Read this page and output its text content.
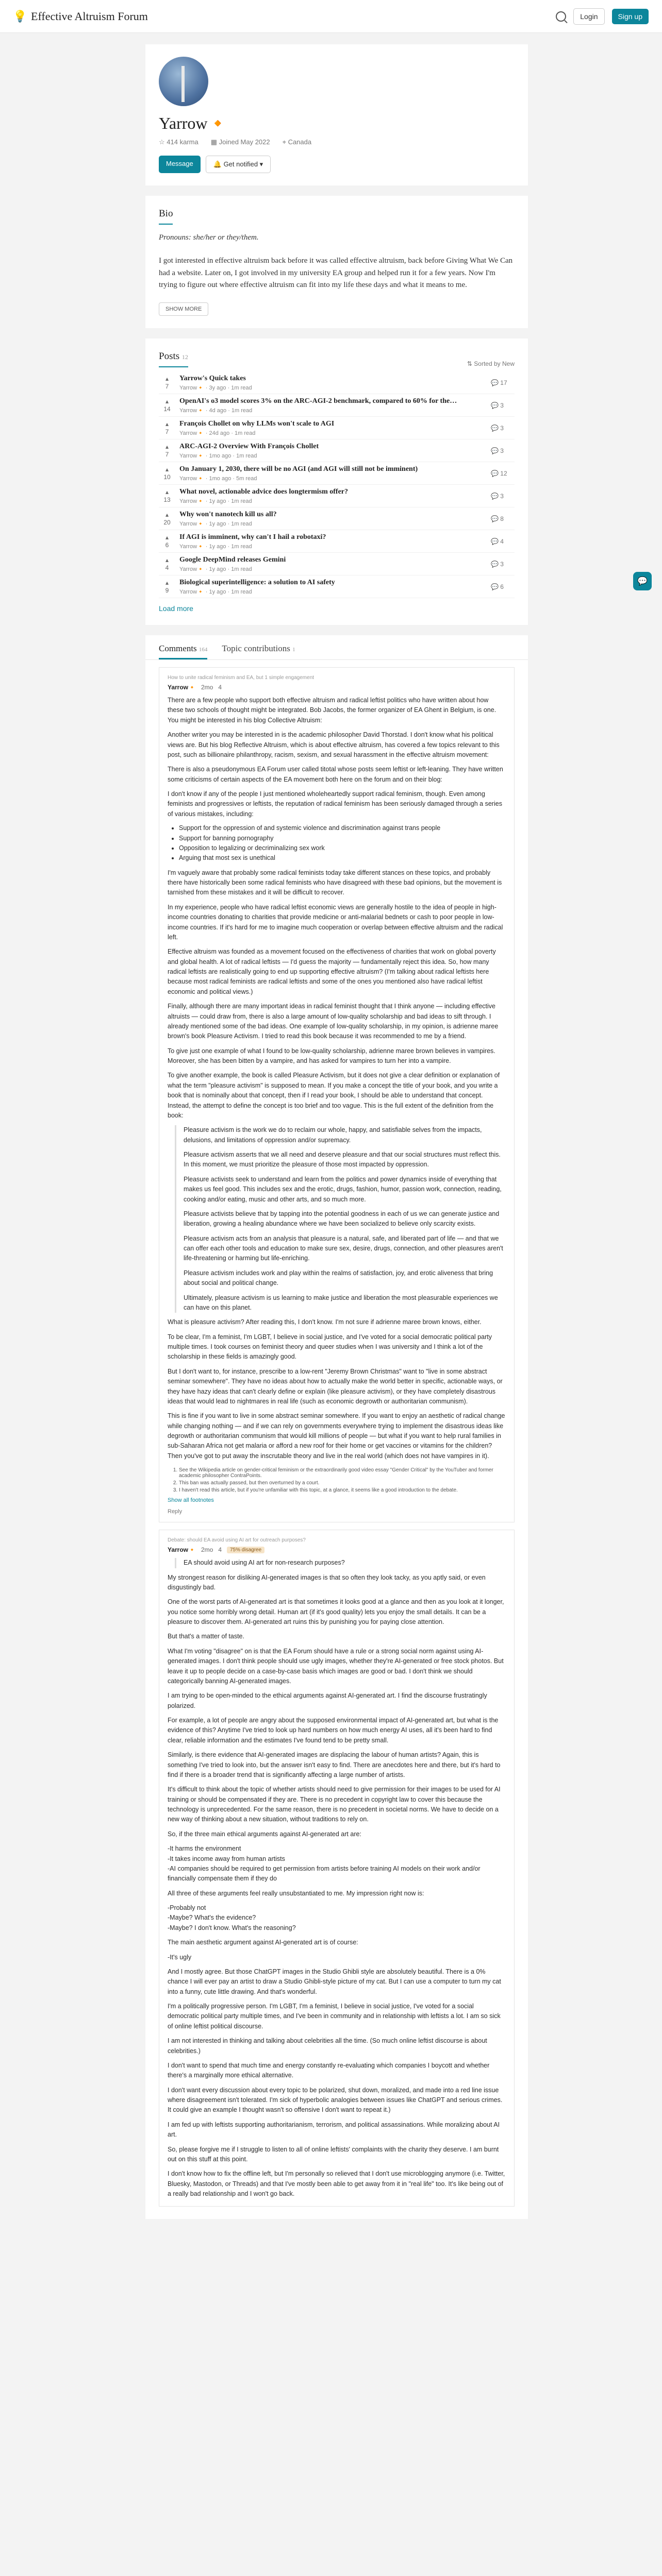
💡 Effective Altruism Forum	Login	Sign up
Yarrow🔸
☆ 414 karma ▦ Joined May 2022 ⌖ Canada
Message	🔔 Get notified ▾
Bio

Pronouns: she/her or they/them.

I got interested in effective altruism back before it was called effective altruism, back before Giving What We Can had a website. Later on, I got involved in my university EA group and helped run it for a few years. Now I'm trying to figure out where effective altruism can fit into my life these days and what it means to me.

SHOW MORE
Posts 12
⇅ Sorted by New
▴
7
Yarrow's Quick takes
Yarrow🔸 · 3y ago · 1m read
💬 17
▴
14
OpenAI's o3 model scores 3% on the ARC-AGI-2 benchmark, compared to 60% for the…
Yarrow🔸 · 4d ago · 1m read
💬 3
▴
7
François Chollet on why LLMs won't scale to AGI
Yarrow🔸 · 24d ago · 1m read
💬 3
▴
7
ARC-AGI-2 Overview With François Chollet
Yarrow🔸 · 1mo ago · 1m read
💬 3
▴
10
On January 1, 2030, there will be no AGI (and AGI will still not be imminent)
Yarrow🔸 · 1mo ago · 5m read
💬 12
▴
13
What novel, actionable advice does longtermism offer?
Yarrow🔸 · 1y ago · 1m read
💬 3
▴
20
Why won't nanotech kill us all?
Yarrow🔸 · 1y ago · 1m read
💬 8
▴
6
If AGI is imminent, why can't I hail a robotaxi?
Yarrow🔸 · 1y ago · 1m read
💬 4
▴
4
Google DeepMind releases Gemini
Yarrow🔸 · 1y ago · 1m read
💬 3
▴
9
Biological superintelligence: a solution to AI safety
Yarrow🔸 · 1y ago · 1m read
💬 6
Load more
Comments 164 Topic contributions 1
How to unite radical feminism and EA, but 1 simple engagement
Yarrow🔸 2mo 4

There are a few people who support both effective altruism and radical leftist politics who have written about how these two schools of thought might be integrated. Bob Jacobs, the former organizer of EA Ghent in Belgium, is one. You might be interested in his blog Collective Altruism:

Another writer you may be interested in is the academic philosopher David Thorstad. I don't know what his political views are. But his blog Reflective Altruism, which is about effective altruism, has covered a few topics relevant to this post, such as billionaire philanthropy, racism, sexism, and sexual harassment in the effective altruism movement:

There is also a pseudonymous EA Forum user called titotal whose posts seem leftist or left-leaning. They have written some criticisms of certain aspects of the EA movement both here on the forum and on their blog:

I don't know if any of the people I just mentioned wholeheartedly support radical feminism, though. Even among feminists and progressives or leftists, the reputation of radical feminism has been seriously damaged through a series of various mistakes, including:

• Support for the oppression of and systemic violence and discrimination against trans people
• Support for banning pornography
• Opposition to legalizing or decriminalizing sex work
• Arguing that most sex is unethical

I'm vaguely aware that probably some radical feminists today take different stances on these topics, and probably there have historically been some radical feminists who have disagreed with these bad opinions, but the movement is tarnished from these mistakes and it will be difficult to recover.

In my experience, people who have radical leftist economic views are generally hostile to the idea of people in high-income countries donating to charities that provide medicine or anti-malarial bednets or cash to poor people in low-income countries. If it's hard for me to imagine much cooperation or overlap between effective altruism and the radical left.

Effective altruism was founded as a movement focused on the effectiveness of charities that work on global poverty and global health. A lot of radical leftists — I'd guess the majority — fundamentally reject this idea. So, how many radical leftists are realistically going to end up supporting effective altruism? (I'm talking about radical leftists here because most radical feminists are radical leftists and some of the ones you mentioned also have radical leftist economic and political views.)

Finally, although there are many important ideas in radical feminist thought that I think anyone — including effective altruists — could draw from, there is also a large amount of low-quality scholarship and bad ideas to sift through. I already mentioned some of the bad ideas. One example of low-quality scholarship, in my opinion, is adrienne maree brown's book Pleasure Activism. I tried to read this book because it was recommended to me by a friend.

To give just one example of what I found to be low-quality scholarship, adrienne maree brown believes in vampires. Moreover, she has been bitten by a vampire, and has asked for vampires to turn her into a vampire.

To give another example, the book is called Pleasure Activism, but it does not give a clear definition or explanation of what the term "pleasure activism" is supposed to mean. If you make a concept the title of your book, and you write a book that is nominally about that concept, then if I read your book, I should be able to understand that concept. Instead, the attempt to define the concept is too brief and too vague. This is the full extent of the definition from the book:

Pleasure activism is the work we do to reclaim our whole, happy, and satisfiable selves from the impacts, delusions, and limitations of oppression and/or supremacy.

Pleasure activism asserts that we all need and deserve pleasure and that our social structures must reflect this. In this moment, we must prioritize the pleasure of those most impacted by oppression.

Pleasure activists seek to understand and learn from the politics and power dynamics inside of everything that makes us feel good. This includes sex and the erotic, drugs, fashion, humor, passion work, connection, reading, cooking and/or eating, music and other arts, and so much more.

Pleasure activists believe that by tapping into the potential goodness in each of us we can generate justice and liberation, growing a healing abundance where we have been socialized to believe only scarcity exists.

Pleasure activism acts from an analysis that pleasure is a natural, safe, and liberated part of life — and that we can offer each other tools and education to make sure sex, desire, drugs, connection, and other pleasures aren't life-threatening or harming but life-enriching.

Pleasure activism includes work and play within the realms of satisfaction, joy, and erotic aliveness that bring about social and political change.

Ultimately, pleasure activism is us learning to make justice and liberation the most pleasurable experiences we can have on this planet.

What is pleasure activism? After reading this, I don't know. I'm not sure if adrienne maree brown knows, either.

To be clear, I'm a feminist, I'm LGBT, I believe in social justice, and I've voted for a social democratic political party multiple times. I took courses on feminist theory and queer studies when I was university and I think a lot of the scholarship in these fields is amazingly good.

But I don't want to, for instance, prescribe to a low-rent "Jeremy Brown Christmas" want to "live in some abstract seminar somewhere". They have no ideas about how to actually make the world better in specific, actionable ways, or they have hazy ideas that can't clearly define or explain (like pleasure activism), or they have completely disastrous ideas that would lead to nightmares in real life (such as economic degrowth or authoritarian communism).

This is fine if you want to live in some abstract seminar somewhere. If you want to enjoy an aesthetic of radical change while changing nothing — and if we can rely on governments everywhere trying to implement the disastrous ideas like degrowth or authoritarian communism that would kill millions of people — but what if you want to help rural families in sub-Saharan Africa not get malaria or afford a new roof for their home or get vaccines or vitamins for the children? Then you've got to put away the inscrutable theory and live in the real world (which does not have vampires in it).

1. See the Wikipedia article on gender-critical feminism or the extraordinarily good video essay "Gender Critical" by the YouTuber and former academic philosopher ContraPoints.
2. This ban was actually passed, but then overturned by a court.
3. I haven't read this article, but if you're unfamiliar with this topic, at a glance, it seems like a good introduction to the debate.
Show all footnotes
Reply
Debate: should EA avoid using AI art for outreach purposes?
Yarrow🔸 2mo 4	75% disagree

EA should avoid using AI art for non-research purposes?

My strongest reason for disliking AI-generated images is that so often they look tacky, as you aptly said, or even disgustingly bad.

One of the worst parts of AI-generated art is that sometimes it looks good at a glance and then as you look at it longer, you notice some horribly wrong detail. Human art (if it's good quality) lets you enjoy the small details. It can be a pleasure to discover them. AI-generated art ruins this by punishing you for paying close attention.

But that's a matter of taste.

What I'm voting "disagree" on is that the EA Forum should have a rule or a strong social norm against using AI-generated images. I don't think people should use ugly images, whether they're AI-generated or free stock photos. But leave it up to people decide on a case-by-case basis which images are good or bad. I don't think we should categorically banning AI-generated images.

I am trying to be open-minded to the ethical arguments against AI-generated art. I find the discourse frustratingly polarized.

For example, a lot of people are angry about the supposed environmental impact of AI-generated art, but what is the evidence of this? Anytime I've tried to look up hard numbers on how much energy AI uses, all it's been hard to find clear, reliable information and the estimates I've found tend to be pretty small.

Similarly, is there evidence that AI-generated images are displacing the labour of human artists? Again, this is something I've tried to look into, but the answer isn't easy to find. There are anecdotes here and there, but it's hard to find if there is a broader trend that is significantly affecting a large number of artists.

It's difficult to think about the topic of whether artists should need to give permission for their images to be used for AI training or should be compensated if they are. There is no precedent in copyright law to cover this because the technology is unprecedented. For the same reason, there is no precedent in societal norms. We have to decide on a new way of thinking about a new situation, without traditions to rely on.

So, if the three main ethical arguments against AI-generated art are:

-It harms the environment
-It takes income away from human artists
-AI companies should be required to get permission from artists before training AI models on their work and/or financially compensate them if they do

All three of these arguments feel really unsubstantiated to me. My impression right now is:

-Probably not
-Maybe? What's the evidence?
-Maybe? I don't know. What's the reasoning?

The main aesthetic argument against AI-generated art is of course:

-It's ugly

And I mostly agree. But those ChatGPT images in the Studio Ghibli style are absolutely beautiful. There is a 0% chance I will ever pay an artist to draw a Studio Ghibli-style picture of my cat. But I can use a computer to turn my cat into a funny, cute little drawing. And that's wonderful.

I'm a politically progressive person. I'm LGBT, I'm a feminist, I believe in social justice, I've voted for a social democratic political party multiple times, and I've been in community and in relationship with leftists a lot. I am so sick of online leftist political discourse.

I am not interested in thinking and talking about celebrities all the time. (So much online leftist discourse is about celebrities.)

I don't want to spend that much time and energy constantly re-evaluating which companies I boycott and whether there's a marginally more ethical alternative.

I don't want every discussion about every topic to be polarized, shut down, moralized, and made into a red line issue where disagreement isn't tolerated. I'm sick of hyperbolic analogies between issues like ChatGPT and serious crimes. It could give an example I thought wasn't so offensive I don't want to repeat it.)

I am fed up with leftists supporting authoritarianism, terrorism, and political assassinations. While moralizing about AI art.

So, please forgive me if I struggle to listen to all of online leftists' complaints with the charity they deserve. I am burnt out on this stuff at this point.

I don't know how to fix the offline left, but I'm personally so relieved that I don't use microblogging anymore (i.e. Twitter, Bluesky, Mastodon, or Threads) and that I've mostly been able to get away from it in "real life" too. It's like being out of a really bad relationship and I won't go back.

💬
